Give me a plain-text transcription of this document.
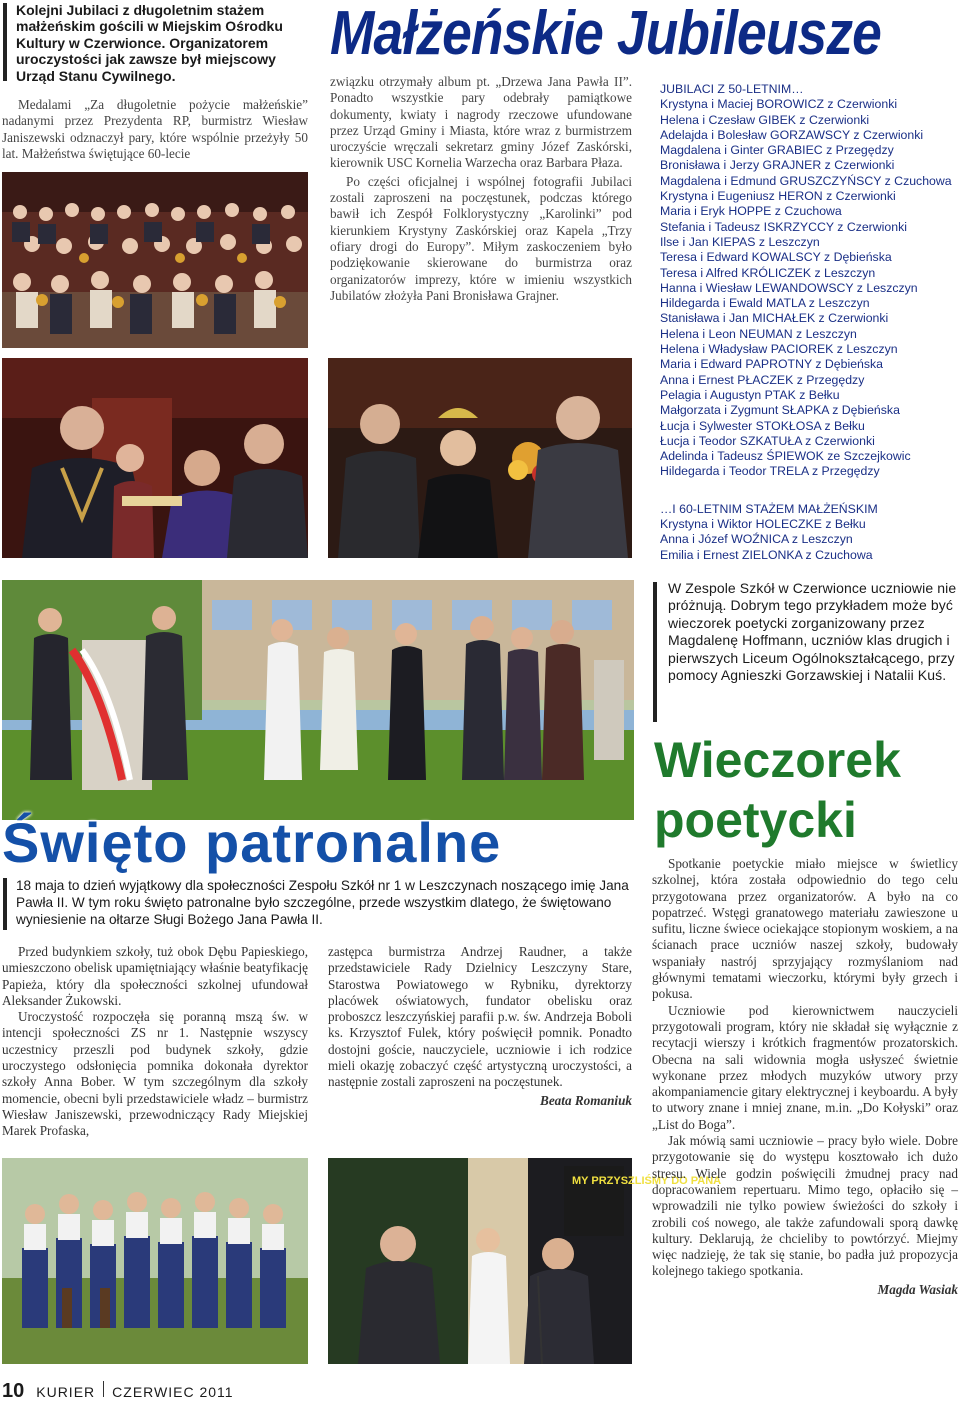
Kolejni Jubilaci z długoletnim stażem małżeńskim gościli w Miejskim Ośrodku Kultury w Czerwionce. Organizatorem uroczystości jak zawsze był miejscowy Urząd Stanu Cywilnego.
Medalami „Za długoletnie pożycie małżeńskie” nadanymi przez Prezydenta RP, burmistrz Wiesław Janiszewski odznaczył pary, które wspólnie przeżyły 50 lat. Małżeństwa świętujące 60-lecie
Małżeńskie Jubileusze
związku otrzymały album pt. „Drzewa Jana Pawła II”. Ponadto wszystkie pary odebrały pamiątkowe dokumenty, kwiaty i nagrody rzeczowe ufundowane przez Urząd Gminy i Miasta, które wraz z burmistrzem uroczyście wręczali sekretarz gminy Józef Zaskórski, kierownik USC Kornelia Warzecha oraz Barbara Płaza.
Po części oficjalnej i wspólnej fotografii Jubilaci zostali zaproszeni na poczęstunek, podczas którego bawił ich Zespół Folklorystyczny „Karolinki” pod kierunkiem Krystyny Zaskórskiej oraz Kapela „Trzy ofiary drogi do Europy”. Miłym zaskoczeniem było podziękowanie skierowane do burmistrza oraz organizatorów imprezy, które w imieniu wszystkich Jubilatów złożyła Pani Bronisława Grajner.
JUBILACI Z 50-LETNIM…
Krystyna i Maciej BOROWICZ z Czerwionki
Helena i Czesław GIBEK z Czerwionki
Adelajda i Bolesław GORZAWSCY z Czerwionki
Magdalena i Ginter GRABIEC z Przegędzy
Bronisława i Jerzy GRAJNER z Czerwionki
Magdalena i Edmund GRUSZCZYŃSCY z Czuchowa
Krystyna i Eugeniusz HERON z Czerwionki
Maria i Eryk HOPPE z Czuchowa
Stefania i Tadeusz ISKRZYCCY z Czerwionki
Ilse i Jan KIEPAS z Leszczyn
Teresa i Edward KOWALSCY z Dębieńska
Teresa i Alfred KRÓLICZEK z Leszczyn
Hanna i Wiesław LEWANDOWSCY z Leszczyn
Hildegarda i Ewald MATLA z Leszczyn
Stanisława i Jan MICHAŁEK z Czerwionki
Helena i Leon NEUMAN z Leszczyn
Helena i Władysław PACIOREK z Leszczyn
Maria i Edward PAPROTNY z Dębieńska
Anna i Ernest PŁACZEK z Przegędzy
Pelagia i Augustyn PTAK z Bełku
Małgorzata i Zygmunt SŁAPKA z Dębieńska
Łucja i Sylwester STOKŁOSA z Bełku
Łucja i Teodor SZKATUŁA z Czerwionki
Adelinda i Tadeusz ŚPIEWOK ze Szczejkowic
Hildegarda i Teodor TRELA z Przegędzy
…I 60-LETNIM STAŻEM MAŁŻEŃSKIM
Krystyna i Wiktor HOLECZKE z Bełku
Anna i Józef WOŹNICA z Leszczyn
Emilia i Ernest ZIELONKA z Czuchowa
Święto patronalne
18 maja to dzień wyjątkowy dla społeczności Zespołu Szkół nr 1 w Leszczynach noszącego imię Jana Pawła II. W tym roku święto patronalne było szczególne, przede wszystkim dlatego, że świętowano wyniesienie na ołtarze Sługi Bożego Jana Pawła II.
Przed budynkiem szkoły, tuż obok Dębu Papieskiego, umieszczono obelisk upamiętniający właśnie beatyfikację Papieża, który dla społeczności szkolnej ufundował Aleksander Żukowski.
Uroczystość rozpoczęła się poranną mszą św. w intencji społeczności ZS nr 1. Następnie wszyscy uczestnicy przeszli pod budynek szkoły, gdzie uroczystego odsłonięcia pomnika dokonała dyrektor szkoły Anna Bober. W tym szczególnym dla szkoły momencie, obecni byli przedstawiciele władz – burmistrz Wiesław Janiszewski, przewodniczący Rady Miejskiej Marek Profaska,
zastępca burmistrza Andrzej Raudner, a także przedstawiciele Rady Dzielnicy Leszczyny Stare, Starostwa Powiatowego w Rybniku, dyrektorzy placówek oświatowych, fundator obelisku oraz proboszcz leszczyńskiej parafii p.w. św. Andrzeja Boboli ks. Krzysztof Fulek, który poświęcił pomnik. Ponadto dostojni goście, nauczyciele, uczniowie i ich rodzice mieli okazję zobaczyć część artystyczną uroczystości, a następnie zostali zaproszeni na poczęstunek.
Beata Romaniuk
MY PRZYSZLIŚMY DO PANA
W Zespole Szkół w Czerwionce uczniowie nie próżnują. Dobrym tego przykładem może być wieczorek poetycki zorganizowany przez Magdalenę Hoffmann, uczniów klas drugich i pierwszych Liceum Ogólnokształcącego, przy pomocy Agnieszki Gorzawskiej i Natalii Kuś.
Wieczorek
poetycki
Spotkanie poetyckie miało miejsce w świetlicy szkolnej, która została odpowiednio do tego celu przygotowana przez organizatorów. A było na co popatrzeć. Wstęgi granatowego materiału zawieszone u sufitu, liczne świece ociekające stopionym woskiem, a na ścianach prace uczniów naszej szkoły, budowały wspaniały nastrój sprzyjający rozmyślaniom nad głównymi tematami wieczorku, którymi były grzech i pokusa.
Uczniowie pod kierownictwem nauczycieli przygotowali program, który nie składał się wyłącznie z recytacji wierszy i krótkich fragmentów prozatorskich. Obecna na sali widownia mogła usłyszeć świetnie wykonane przez młodych muzyków utwory przy akompaniamencie gitary elektrycznej i keyboardu. A były to utwory znane i mniej znane, m.in. „Do Kołyski” oraz „List do Boga”.
Jak mówią sami uczniowie – pracy było wiele. Dobre przygotowanie się do występu kosztowało ich dużo stresu. Wiele godzin poświęcili żmudnej pracy nad dopracowaniem repertuaru. Mimo tego, opłaciło się – wprowadzili nie tylko powiew świeżości do szkoły i zrobili coś nowego, ale także zafundowali sporą dawkę kultury. Deklarują, że chcieliby to powtórzyć. Miejmy więc nadzieję, że tak się stanie, bo padła już propozycja kolejnego takiego spotkania.
Magda Wasiak
10 KURIER CZERWIEC 2011
